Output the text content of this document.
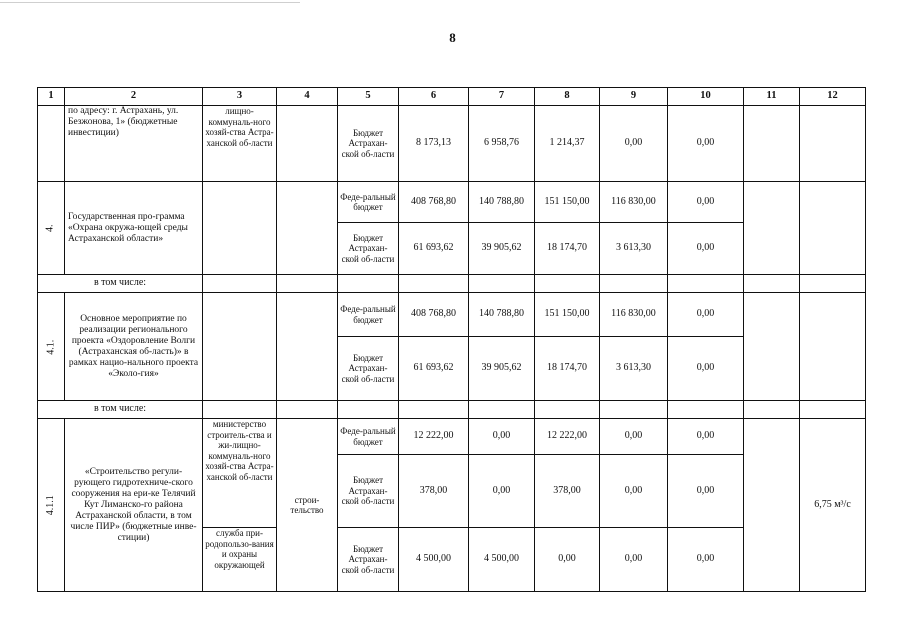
8
1	2	3	4	5	6	7	8	9	10	11	12
	по адресу: г. Астрахань, ул. Безжонова, 1» (бюджетные инвестиции)	лищно-коммуналь-ного хозяй-ства Астра-ханской об-ласти		Бюджет Астрахан-ской об-ласти	8 173,13	6 958,76	1 214,37	0,00	0,00		
4.	Государственная про-грамма «Охрана окружа-ющей среды Астраханской области»			Феде-ральный бюджет	408 768,80	140 788,80	151 150,00	116 830,00	0,00		
				Бюджет Астрахан-ской об-ласти	61 693,62	39 905,62	18 174,70	3 613,30	0,00		
в том числе:											
4.1.	Основное мероприятие по реализации регионального проекта «Оздоровление Волги (Астраханская об-ласть)» в рамках нацио-нального проекта «Эколо-гия»			Феде-ральный бюджет	408 768,80	140 788,80	151 150,00	116 830,00	0,00		
				Бюджет Астрахан-ской об-ласти	61 693,62	39 905,62	18 174,70	3 613,30	0,00		
в том числе:											
4.1.1	«Строительство регули-рующего гидротехниче-ского сооружения на ери-ке Телячий Кут Лиманско-го района Астраханской области, в том числе ПИР» (бюджетные инве-стиции)	министерство строитель-ства и жи-лищно-коммуналь-ного хозяй-ства Астра-ханской об-ласти	строи-тельство	Феде-ральный бюджет	12 222,00	0,00	12 222,00	0,00	0,00		6,75 м³/с
				Бюджет Астрахан-ской об-ласти	378,00	0,00	378,00	0,00	0,00		
		служба при-родопользо-вания и охраны окружающей		Бюджет Астрахан-ской об-ласти	4 500,00	4 500,00	0,00	0,00	0,00		
